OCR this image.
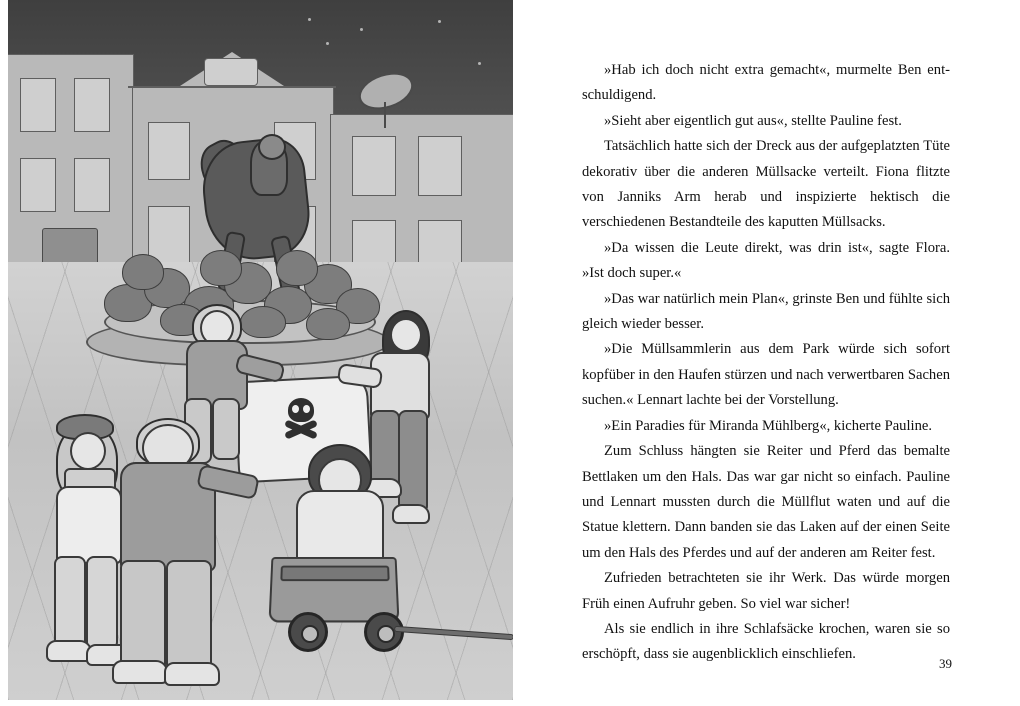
»Hab ich doch nicht extra gemacht«, murmelte Ben entschuldigend.

»Sieht aber eigentlich gut aus«, stellte Pauline fest.

Tatsächlich hatte sich der Dreck aus der aufgeplatzten Tüte dekorativ über die anderen Müllsacke verteilt. Fiona flitzte von Janniks Arm herab und inspizierte hektisch die verschiedenen Bestandteile des kaputten Müllsacks.

»Da wissen die Leute direkt, was drin ist«, sagte Flora. »Ist doch super.«

»Das war natürlich mein Plan«, grinste Ben und fühlte sich gleich wieder besser.

»Die Müllsammlerin aus dem Park würde sich sofort kopfüber in den Haufen stürzen und nach verwertbaren Sachen suchen.« Lennart lachte bei der Vorstellung.

»Ein Paradies für Miranda Mühlberg«, kicherte Pauline.

Zum Schluss hängten sie Reiter und Pferd das bemalte Bettlaken um den Hals. Das war gar nicht so einfach. Pauline und Lennart mussten durch die Müllflut waten und auf die Statue klettern. Dann banden sie das Laken auf der einen Seite um den Hals des Pferdes und auf der anderen am Reiter fest.

Zufrieden betrachteten sie ihr Werk. Das würde morgen Früh einen Aufruhr geben. So viel war sicher!

Als sie endlich in ihre Schlafsäcke krochen, waren sie so erschöpft, dass sie augenblicklich einschliefen.

39
